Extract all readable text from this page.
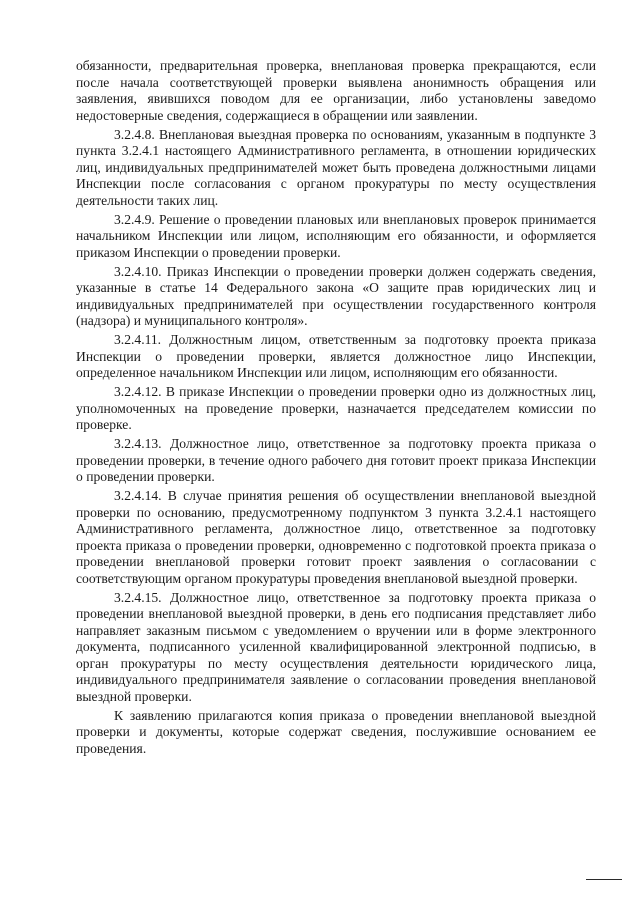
обязанности, предварительная проверка, внеплановая проверка прекращаются, если после начала соответствующей проверки выявлена анонимность обращения или заявления, явившихся поводом для ее организации, либо установлены заведомо недостоверные сведения, содержащиеся в обращении или заявлении.

3.2.4.8. Внеплановая выездная проверка по основаниям, указанным в подпункте 3 пункта 3.2.4.1 настоящего Административного регламента, в отношении юридических лиц, индивидуальных предпринимателей может быть проведена должностными лицами Инспекции после согласования с органом прокуратуры по месту осуществления деятельности таких лиц.

3.2.4.9. Решение о проведении плановых или внеплановых проверок принимается начальником Инспекции или лицом, исполняющим его обязанности, и оформляется приказом Инспекции о проведении проверки.

3.2.4.10. Приказ Инспекции о проведении проверки должен содержать сведения, указанные в статье 14 Федерального закона «О защите прав юридических лиц и индивидуальных предпринимателей при осуществлении государственного контроля (надзора) и муниципального контроля».

3.2.4.11. Должностным лицом, ответственным за подготовку проекта приказа Инспекции о проведении проверки, является должностное лицо Инспекции, определенное начальником Инспекции или лицом, исполняющим его обязанности.

3.2.4.12. В приказе Инспекции о проведении проверки одно из должностных лиц, уполномоченных на проведение проверки, назначается председателем комиссии по проверке.

3.2.4.13. Должностное лицо, ответственное за подготовку проекта приказа о проведении проверки, в течение одного рабочего дня готовит проект приказа Инспекции о проведении проверки.

3.2.4.14. В случае принятия решения об осуществлении внеплановой выездной проверки по основанию, предусмотренному подпунктом 3 пункта 3.2.4.1 настоящего Административного регламента, должностное лицо, ответственное за подготовку проекта приказа о проведении проверки, одновременно с подготовкой проекта приказа о проведении внеплановой проверки готовит проект заявления о согласовании с соответствующим органом прокуратуры проведения внеплановой выездной проверки.

3.2.4.15. Должностное лицо, ответственное за подготовку проекта приказа о проведении внеплановой выездной проверки, в день его подписания представляет либо направляет заказным письмом с уведомлением о вручении или в форме электронного документа, подписанного усиленной квалифицированной электронной подписью, в орган прокуратуры по месту осуществления деятельности юридического лица, индивидуального предпринимателя заявление о согласовании проведения внеплановой выездной проверки.

К заявлению прилагаются копия приказа о проведении внеплановой выездной проверки и документы, которые содержат сведения, послужившие основанием ее проведения.
